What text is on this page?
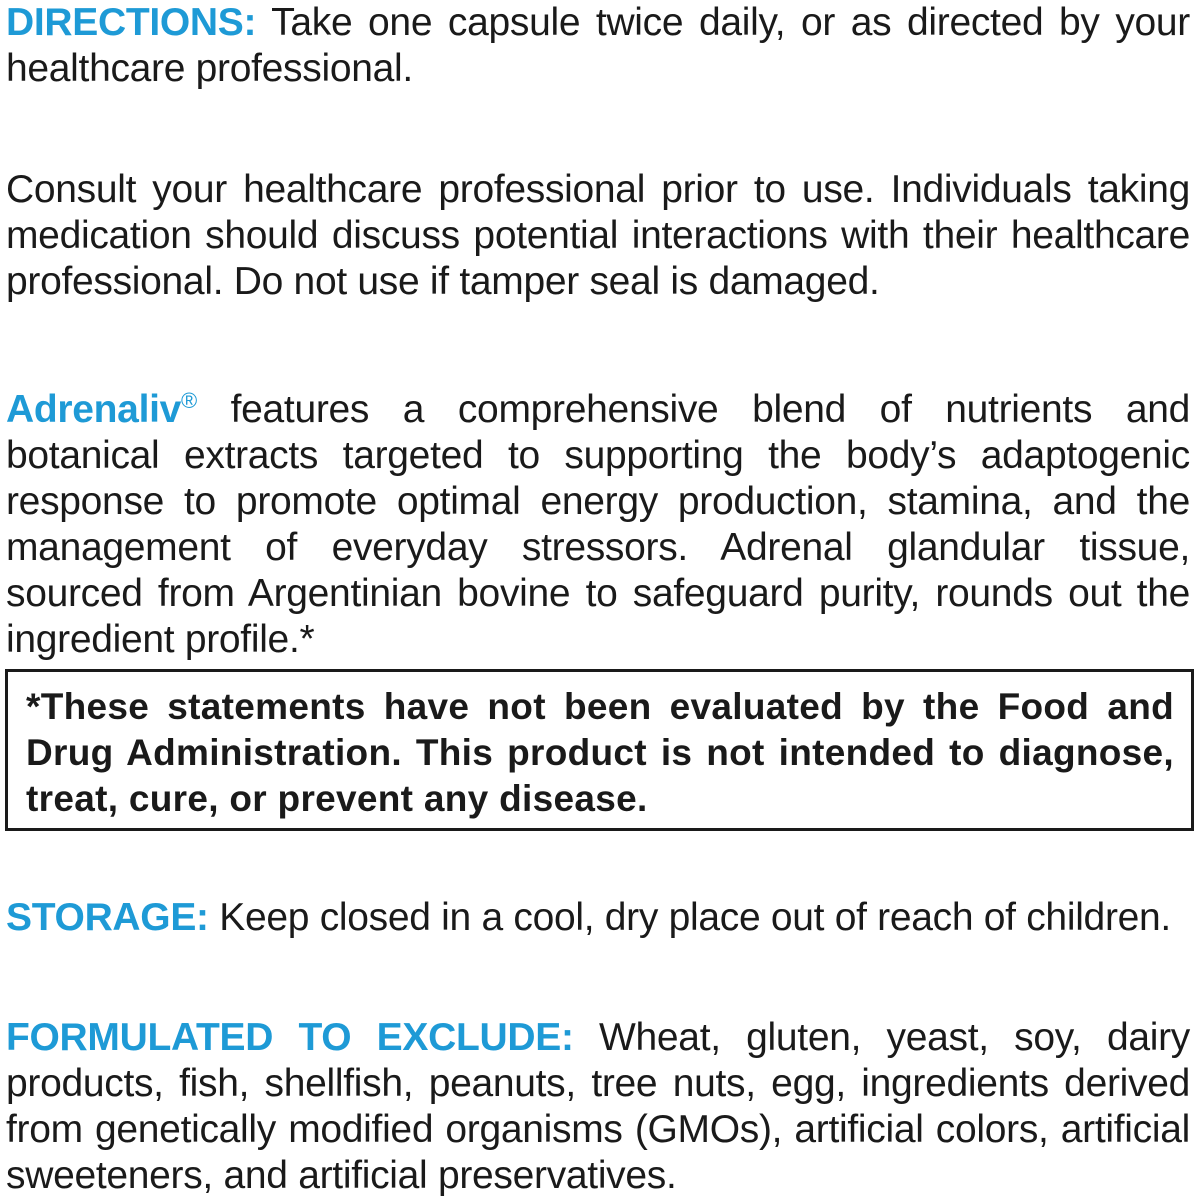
DIRECTIONS: Take one capsule twice daily, or as directed by your healthcare professional.

Consult your healthcare professional prior to use. Individuals taking medication should discuss potential interactions with their healthcare professional. Do not use if tamper seal is damaged.

Adrenaliv® features a comprehensive blend of nutrients and botanical extracts targeted to supporting the body’s adaptogenic response to promote optimal energy production, stamina, and the management of everyday stressors. Adrenal glandular tissue, sourced from Argentinian bovine to safeguard purity, rounds out the ingredient profile.*

*These statements have not been evaluated by the Food and Drug Administration. This product is not intended to diagnose, treat, cure, or prevent any disease.

STORAGE: Keep closed in a cool, dry place out of reach of children.

FORMULATED TO EXCLUDE: Wheat, gluten, yeast, soy, dairy products, fish, shellfish, peanuts, tree nuts, egg, ingredients derived from genetically modified organisms (GMOs), artificial colors, artificial sweeteners, and artificial preservatives.
